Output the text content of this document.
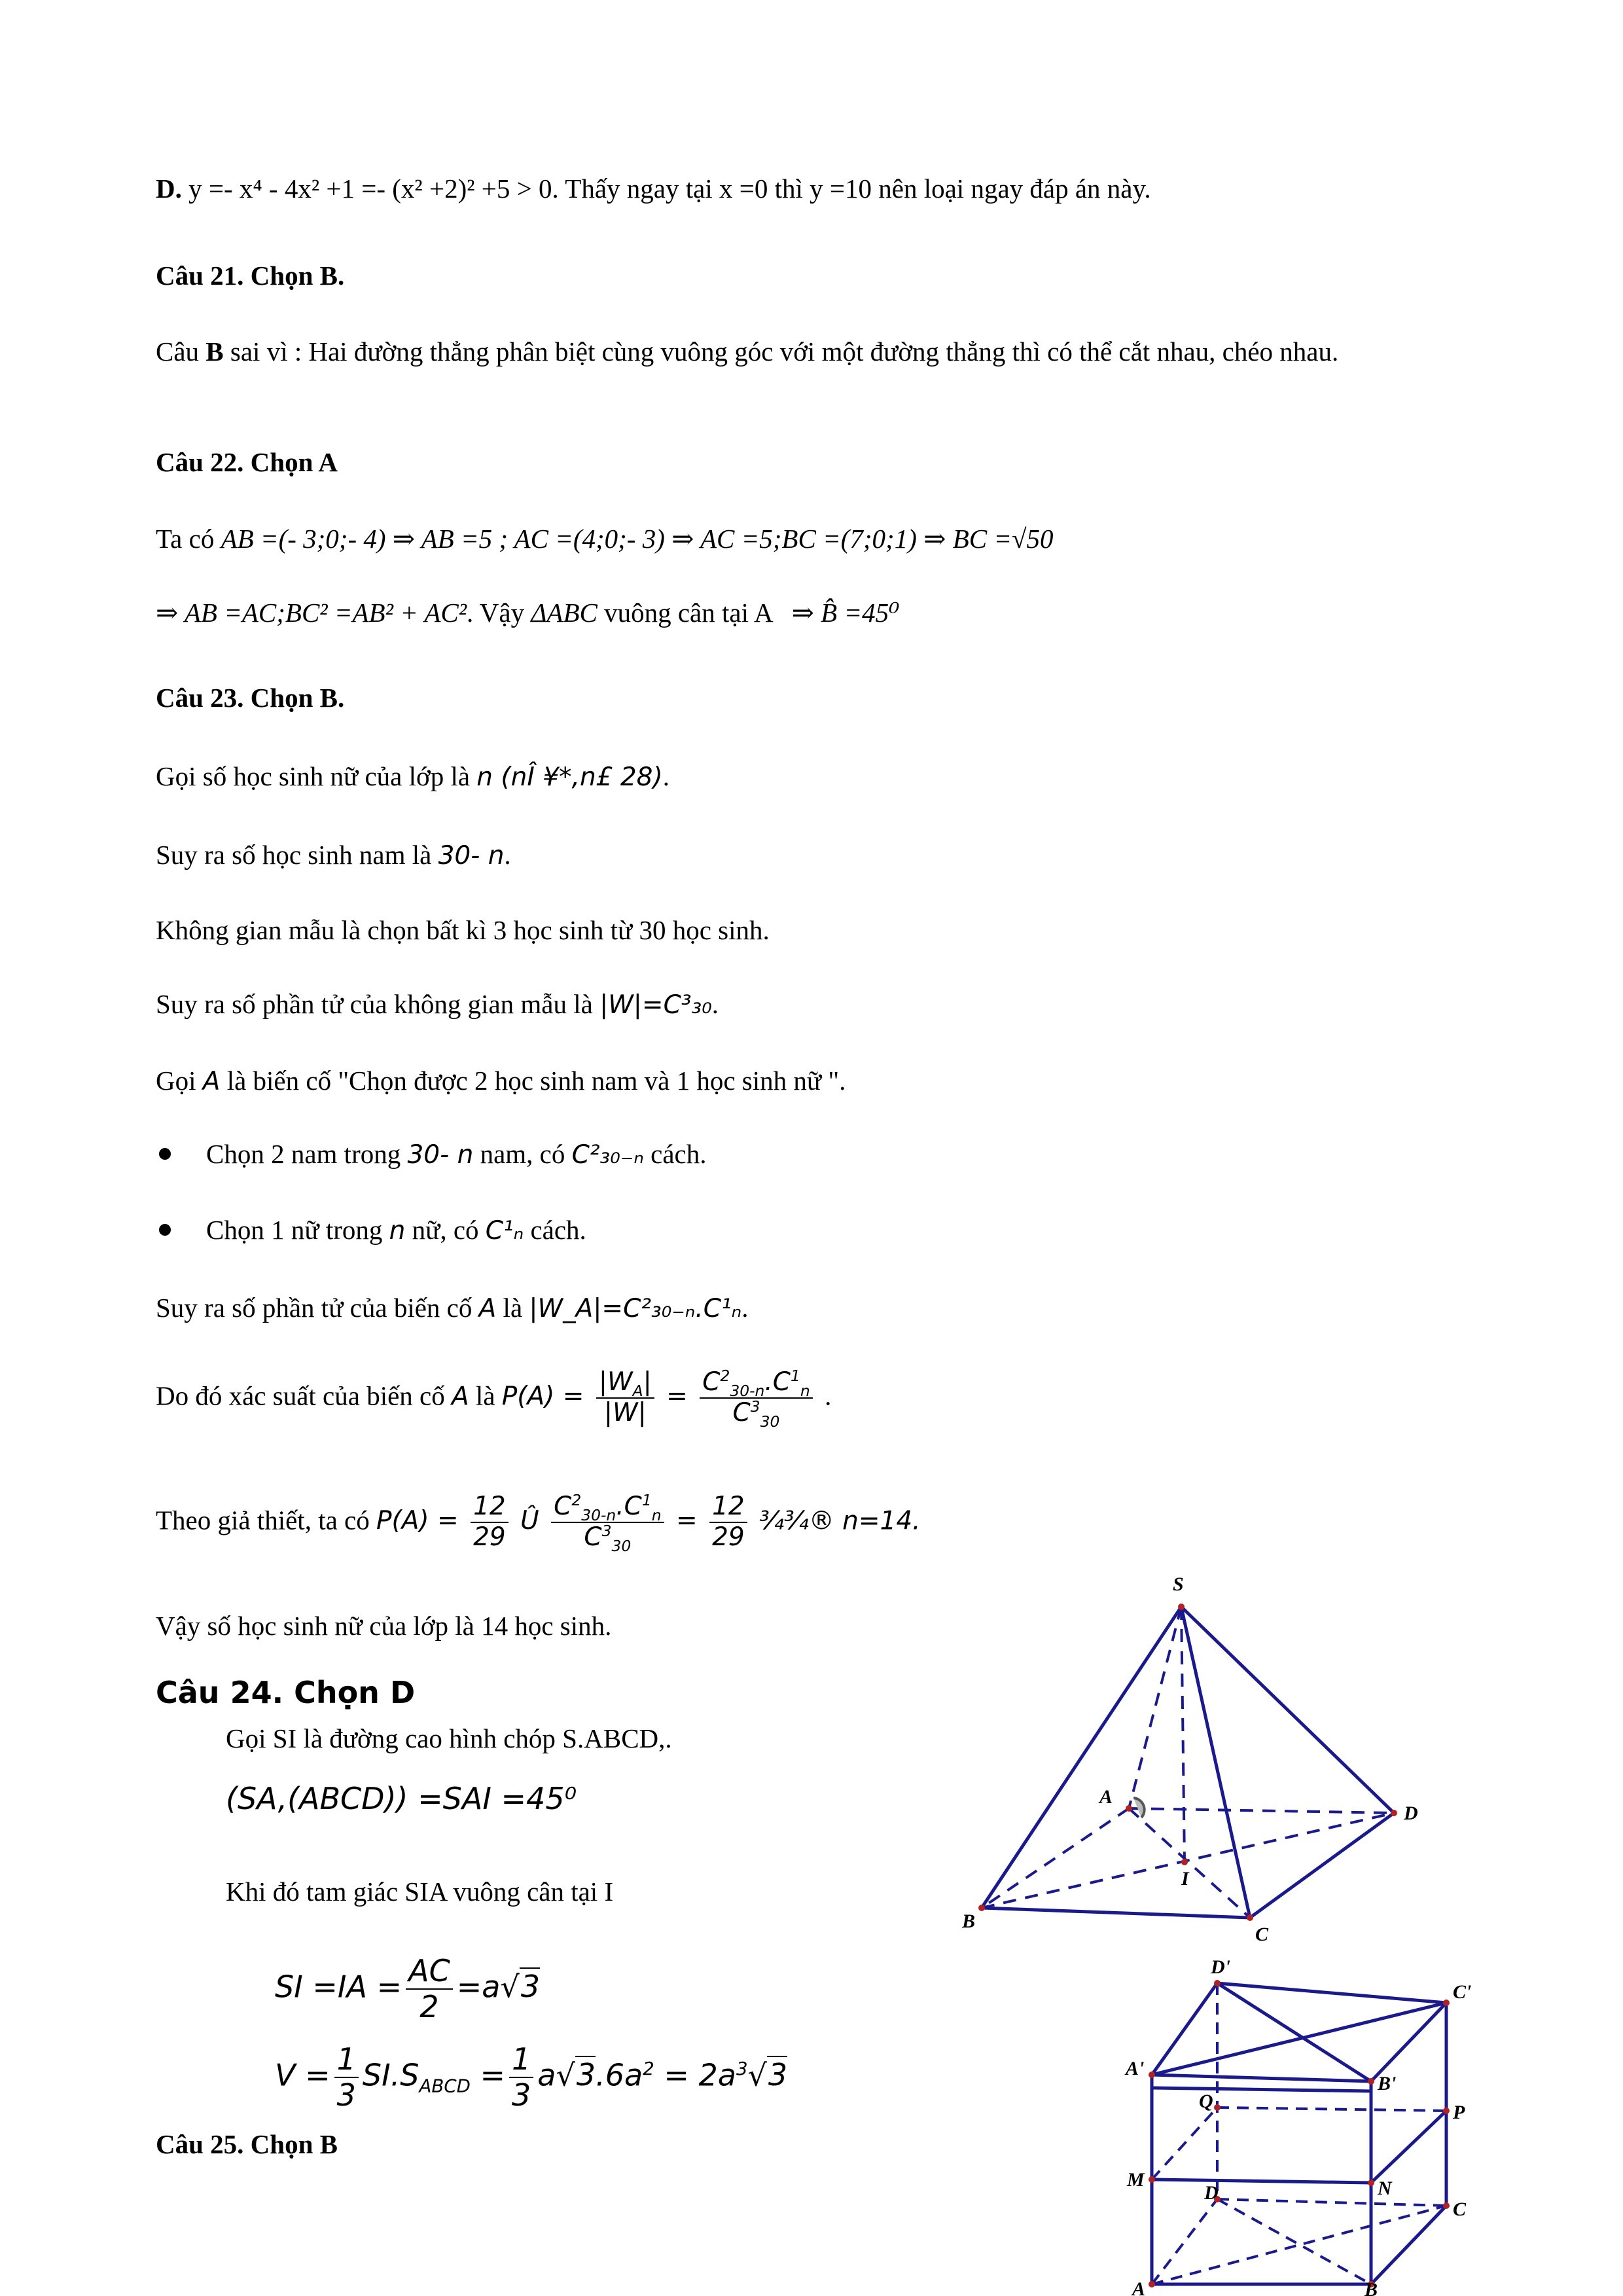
D. y =- x⁴ - 4x² +1 =- (x² +2)² +5 > 0. Thấy ngay tại x =0 thì y =10 nên loại ngay đáp án này.
Câu 21. Chọn B.
Câu B sai vì : Hai đường thẳng phân biệt cùng vuông góc với một đường thẳng thì có thể cắt nhau, chéo nhau.
Câu 22. Chọn A
Ta có AB =(- 3;0;- 4) ⇒ AB =5 ; AC =(4;0;- 3) ⇒ AC =5;BC =(7;0;1) ⇒ BC =√50
⇒ AB =AC;BC² =AB² + AC². Vậy ΔABC vuông cân tại A ⇒ B̂ =45⁰
Câu 23. Chọn B.
Gọi số học sinh nữ của lớp là n (nÎ ¥*,n£ 28).
Suy ra số học sinh nam là 30- n.
Không gian mẫu là chọn bất kì 3 học sinh từ 30 học sinh.
Suy ra số phần tử của không gian mẫu là |W|=C³₃₀.
Gọi A là biến cố "Chọn được 2 học sinh nam và 1 học sinh nữ ".
Chọn 2 nam trong 30- n nam, có C²₃₀₋ₙ cách.
Chọn 1 nữ trong n nữ, có C¹ₙ cách.
Suy ra số phần tử của biến cố A là |W_A|=C²₃₀₋ₙ.C¹ₙ.
Do đó xác suất của biến cố A là $P(A) = \frac{|W_A|}{|W|} = \frac{C^2_{30-n}.C^1_n}{C^3_{30}}$ .
Theo giả thiết, ta có $P(A) = \frac{12}{29}$ Û $\frac{C^2_{30-n}.C^1_n}{C^3_{30}} = \frac{12}{29}$ ¾¾® n=14.
Vậy số học sinh nữ của lớp là 14 học sinh.
Câu 24. Chọn D
Gọi SI là đường cao hình chóp S.ABCD,.
(SA,(ABCD)) =SAI =45⁰
Khi đó tam giác SIA vuông cân tại I
SI $=IA = \frac{AC}{2} =a√3$
$V = \frac{1}{3} SI.S_{ABCD} = \frac{1}{3} a√3.6a^2 = 2a^3√3$
Câu 25. Chọn B
S
A
D
I
B
C
D'
C'
A'
B'
Q
P
M	N
D
C
A	B
